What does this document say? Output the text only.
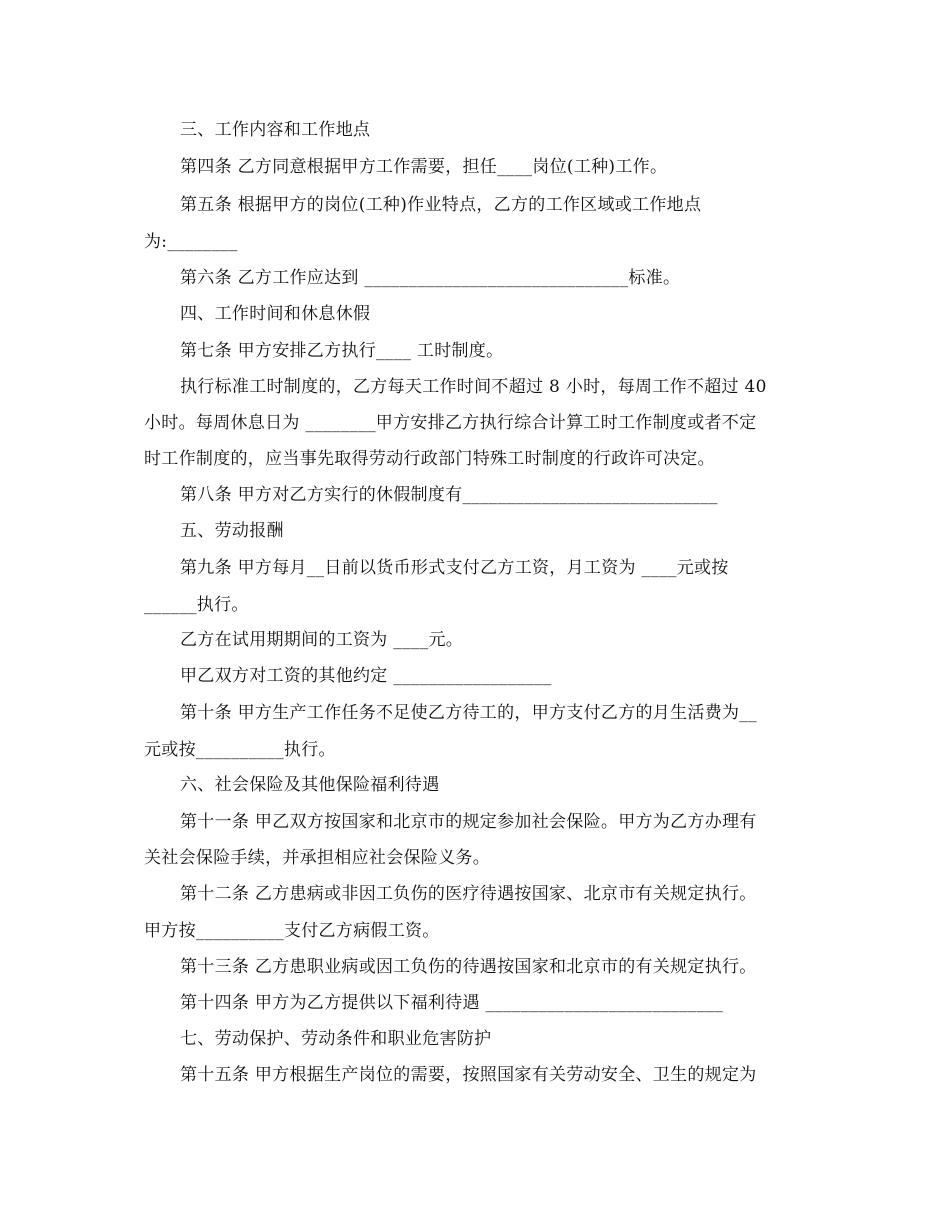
三、工作内容和工作地点
第四条 乙方同意根据甲方工作需要，担任____岗位(工种)工作。
第五条 根据甲方的岗位(工种)作业特点，乙方的工作区域或工作地点
为:________
第六条 乙方工作应达到 ______________________________标准。
四、工作时间和休息休假
第七条 甲方安排乙方执行____ 工时制度。
执行标准工时制度的，乙方每天工作时间不超过 8 小时，每周工作不超过 40
小时。每周休息日为 ________甲方安排乙方执行综合计算工时工作制度或者不定
时工作制度的，应当事先取得劳动行政部门特殊工时制度的行政许可决定。
第八条 甲方对乙方实行的休假制度有_____________________________
五、劳动报酬
第九条 甲方每月__日前以货币形式支付乙方工资，月工资为 ____元或按
______执行。
乙方在试用期期间的工资为 ____元。
甲乙双方对工资的其他约定 __________________
第十条 甲方生产工作任务不足使乙方待工的，甲方支付乙方的月生活费为__
元或按__________执行。
六、社会保险及其他保险福利待遇
第十一条 甲乙双方按国家和北京市的规定参加社会保险。甲方为乙方办理有
关社会保险手续，并承担相应社会保险义务。
第十二条 乙方患病或非因工负伤的医疗待遇按国家、北京市有关规定执行。
甲方按__________支付乙方病假工资。
第十三条 乙方患职业病或因工负伤的待遇按国家和北京市的有关规定执行。
第十四条 甲方为乙方提供以下福利待遇 ___________________________
七、劳动保护、劳动条件和职业危害防护
第十五条 甲方根据生产岗位的需要，按照国家有关劳动安全、卫生的规定为
